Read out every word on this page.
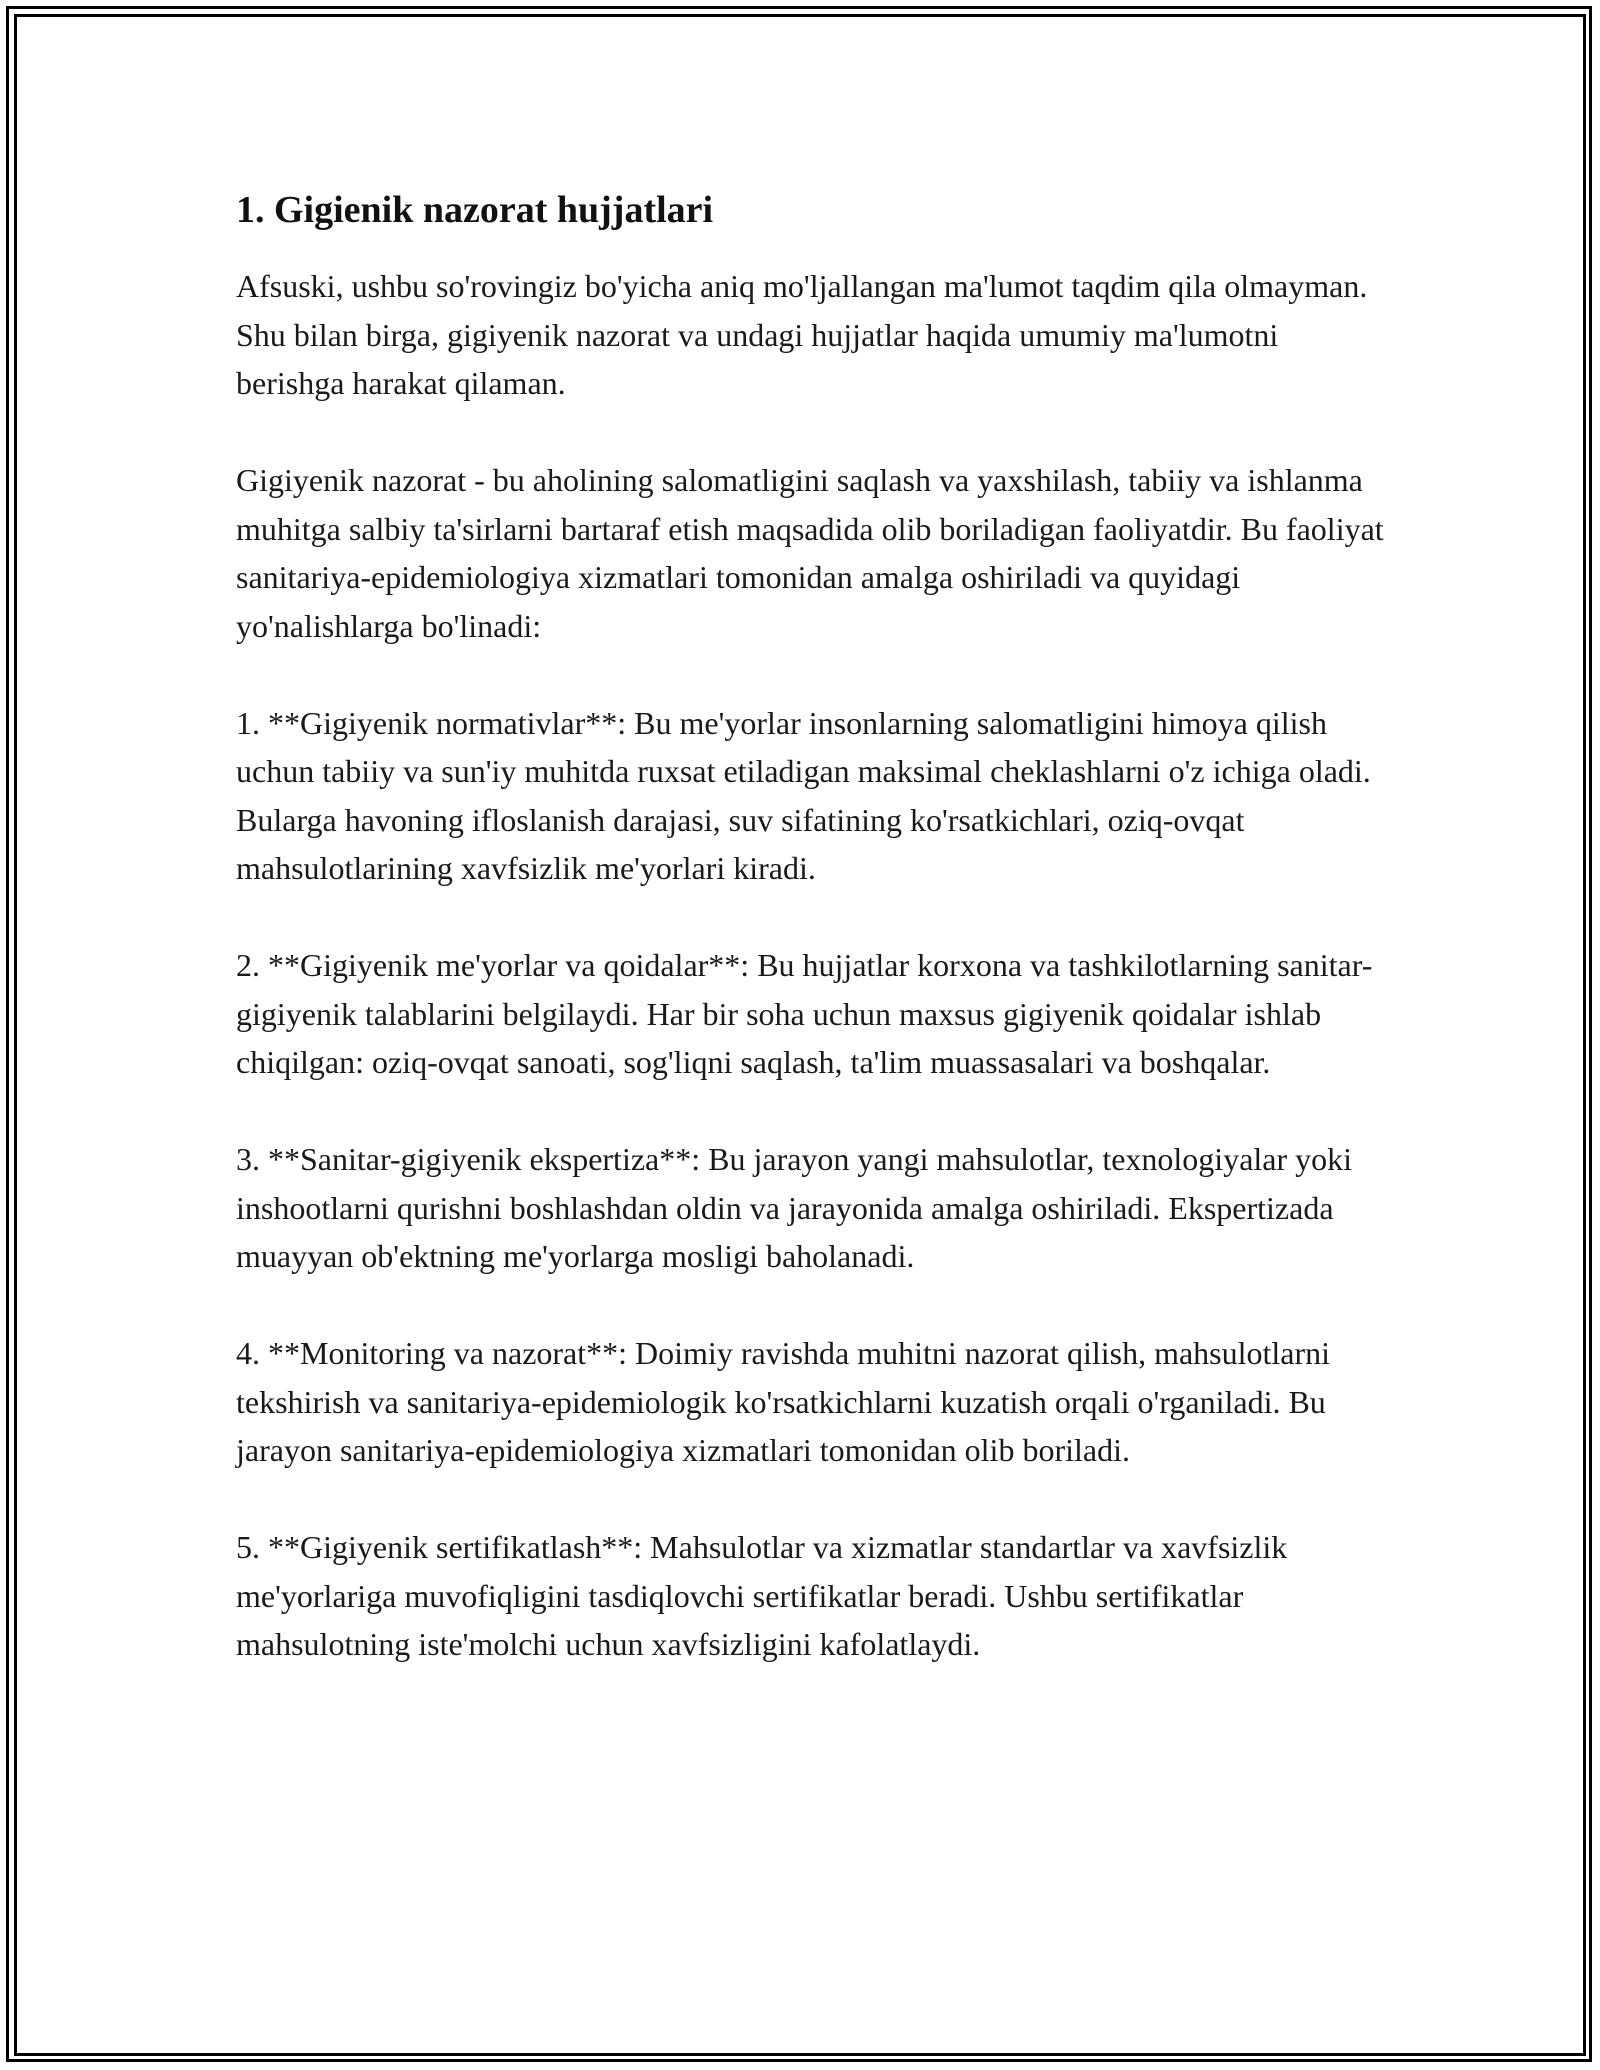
1. Gigienik nazorat hujjatlari

Afsuski, ushbu so'rovingiz bo'yicha aniq mo'ljallangan ma'lumot taqdim qila olmayman. Shu bilan birga, gigiyenik nazorat va undagi hujjatlar haqida umumiy ma'lumotni berishga harakat qilaman.

Gigiyenik nazorat - bu aholining salomatligini saqlash va yaxshilash, tabiiy va ishlanma muhitga salbiy ta'sirlarni bartaraf etish maqsadida olib boriladigan faoliyatdir. Bu faoliyat sanitariya-epidemiologiya xizmatlari tomonidan amalga oshiriladi va quyidagi yo'nalishlarga bo'linadi:

1. **Gigiyenik normativlar**: Bu me'yorlar insonlarning salomatligini himoya qilish uchun tabiiy va sun'iy muhitda ruxsat etiladigan maksimal cheklashlarni o'z ichiga oladi. Bularga havoning ifloslanish darajasi, suv sifatining ko'rsatkichlari, oziq-ovqat mahsulotlarining xavfsizlik me'yorlari kiradi.

2. **Gigiyenik me'yorlar va qoidalar**: Bu hujjatlar korxona va tashkilotlarning sanitar-gigiyenik talablarini belgilaydi. Har bir soha uchun maxsus gigiyenik qoidalar ishlab chiqilgan: oziq-ovqat sanoati, sog'liqni saqlash, ta'lim muassasalari va boshqalar.

3. **Sanitar-gigiyenik ekspertiza**: Bu jarayon yangi mahsulotlar, texnologiyalar yoki inshootlarni qurishni boshlashdan oldin va jarayonida amalga oshiriladi. Ekspertizada muayyan ob'ektning me'yorlarga mosligi baholanadi.

4. **Monitoring va nazorat**: Doimiy ravishda muhitni nazorat qilish, mahsulotlarni tekshirish va sanitariya-epidemiologik ko'rsatkichlarni kuzatish orqali o'rganiladi. Bu jarayon sanitariya-epidemiologiya xizmatlari tomonidan olib boriladi.

5. **Gigiyenik sertifikatlash**: Mahsulotlar va xizmatlar standartlar va xavfsizlik me'yorlariga muvofiqligini tasdiqlovchi sertifikatlar beradi. Ushbu sertifikatlar mahsulotning iste'molchi uchun xavfsizligini kafolatlaydi.
